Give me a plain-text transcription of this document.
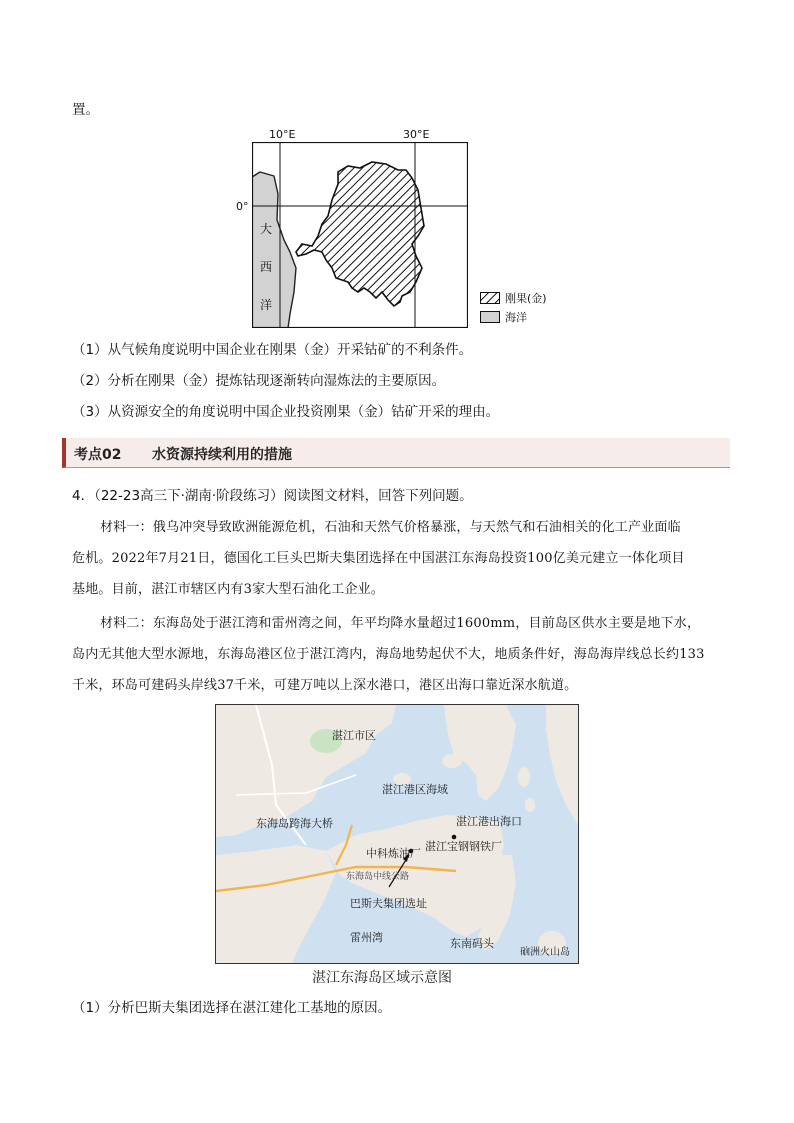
置。
10°E	30°E
0°
大
西
洋	刚果(金)
海洋
（1）从气候角度说明中国企业在刚果（金）开采钴矿的不利条件。
（2）分析在刚果（金）提炼钴现逐渐转向湿炼法的主要原因。
（3）从资源安全的角度说明中国企业投资刚果（金）钴矿开采的理由。
考点02 水资源持续利用的措施
4．（22-23高三下·湖南·阶段练习）阅读图文材料，回答下列问题。
材料一：俄乌冲突导致欧洲能源危机，石油和天然气价格暴涨，与天然气和石油相关的化工产业面临
危机。2022年7月21日，德国化工巨头巴斯夫集团选择在中国湛江东海岛投资100亿美元建立一体化项目
基地。目前，湛江市辖区内有3家大型石油化工企业。
材料二：东海岛处于湛江湾和雷州湾之间，年平均降水量超过1600mm，目前岛区供水主要是地下水，
岛内无其他大型水源地，东海岛港区位于湛江湾内，海岛地势起伏不大，地质条件好，海岛海岸线总长约133
千米，环岛可建码头岸线37千米，可建万吨以上深水港口，港区出海口靠近深水航道。
湛江市区
湛江港区海域
东海岛跨海大桥	湛江港出海口
中科炼油厂
湛江宝钢钢铁厂
东海岛中线公路
巴斯夫集团选址
雷州湾	东南码头
硇洲火山岛
湛江东海岛区域示意图
（1）分析巴斯夫集团选择在湛江建化工基地的原因。
